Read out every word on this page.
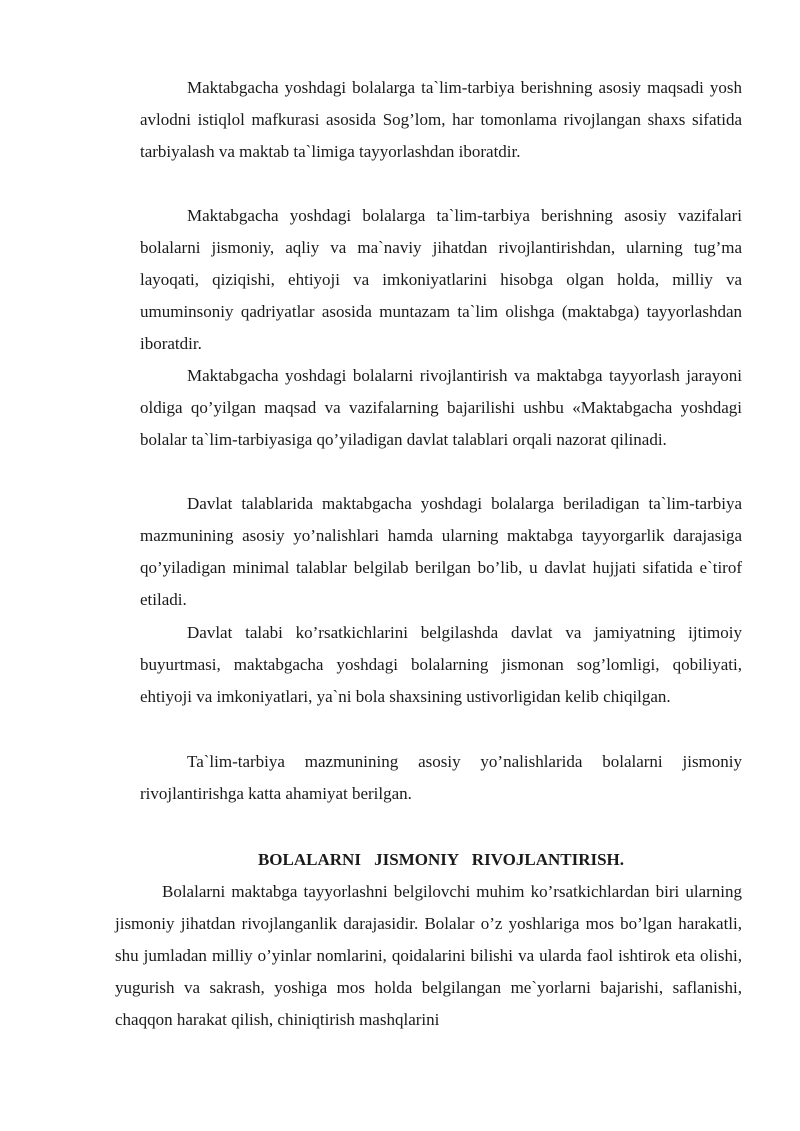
Maktabgacha yoshdagi bolalarga ta`lim-tarbiya berishning asosiy maqsadi yosh avlodni istiqlol mafkurasi asosida Sog’lom, har tomonlama rivojlangan shaxs sifatida tarbiyalash va maktab ta`limiga tayyorlashdan iboratdir.

Maktabgacha yoshdagi bolalarga ta`lim-tarbiya berishning asosiy vazifalari bolalarni jismoniy, aqliy va ma`naviy jihatdan rivojlantirishdan, ularning tug’ma layoqati, qiziqishi, ehtiyoji va imkoniyatlarini hisobga olgan holda, milliy va umuminsoniy qadriyatlar asosida muntazam ta`lim olishga (maktabga) tayyorlashdan iboratdir.

Maktabgacha yoshdagi bolalarni rivojlantirish va maktabga tayyorlash jarayoni oldiga qo’yilgan maqsad va vazifalarning bajarilishi ushbu «Maktabgacha yoshdagi bolalar ta`lim-tarbiyasiga qo’yiladigan davlat talablari orqali nazorat qilinadi.

Davlat talablarida maktabgacha yoshdagi bolalarga beriladigan ta`lim-tarbiya mazmunining asosiy yo’nalishlari hamda ularning maktabga tayyorgarlik darajasiga qo’yiladigan minimal talablar belgilab berilgan bo’lib, u davlat hujjati sifatida e`tirof etiladi.

Davlat talabi ko’rsatkichlarini belgilashda davlat va jamiyatning ijtimoiy buyurtmasi, maktabgacha yoshdagi bolalarning jismonan sog’lomligi, qobiliyati, ehtiyoji va imkoniyatlari, ya`ni bola shaxsining ustivorligidan kelib chiqilgan.

Ta`lim-tarbiya mazmunining asosiy yo’nalishlarida bolalarni jismoniy rivojlantirishga katta ahamiyat berilgan.

BOLALARNI JISMONIY RIVOJLANTIRISH.

Bolalarni maktabga tayyorlashni belgilovchi muhim ko’rsatkichlardan biri ularning jismoniy jihatdan rivojlanganlik darajasidir. Bolalar o’z yoshlariga mos bo’lgan harakatli, shu jumladan milliy o’yinlar nomlarini, qoidalarini bilishi va ularda faol ishtirok eta olishi, yugurish va sakrash, yoshiga mos holda belgilangan me`yorlarni bajarishi, saflanishi, chaqqon harakat qilish, chiniqtirish mashqlarini
